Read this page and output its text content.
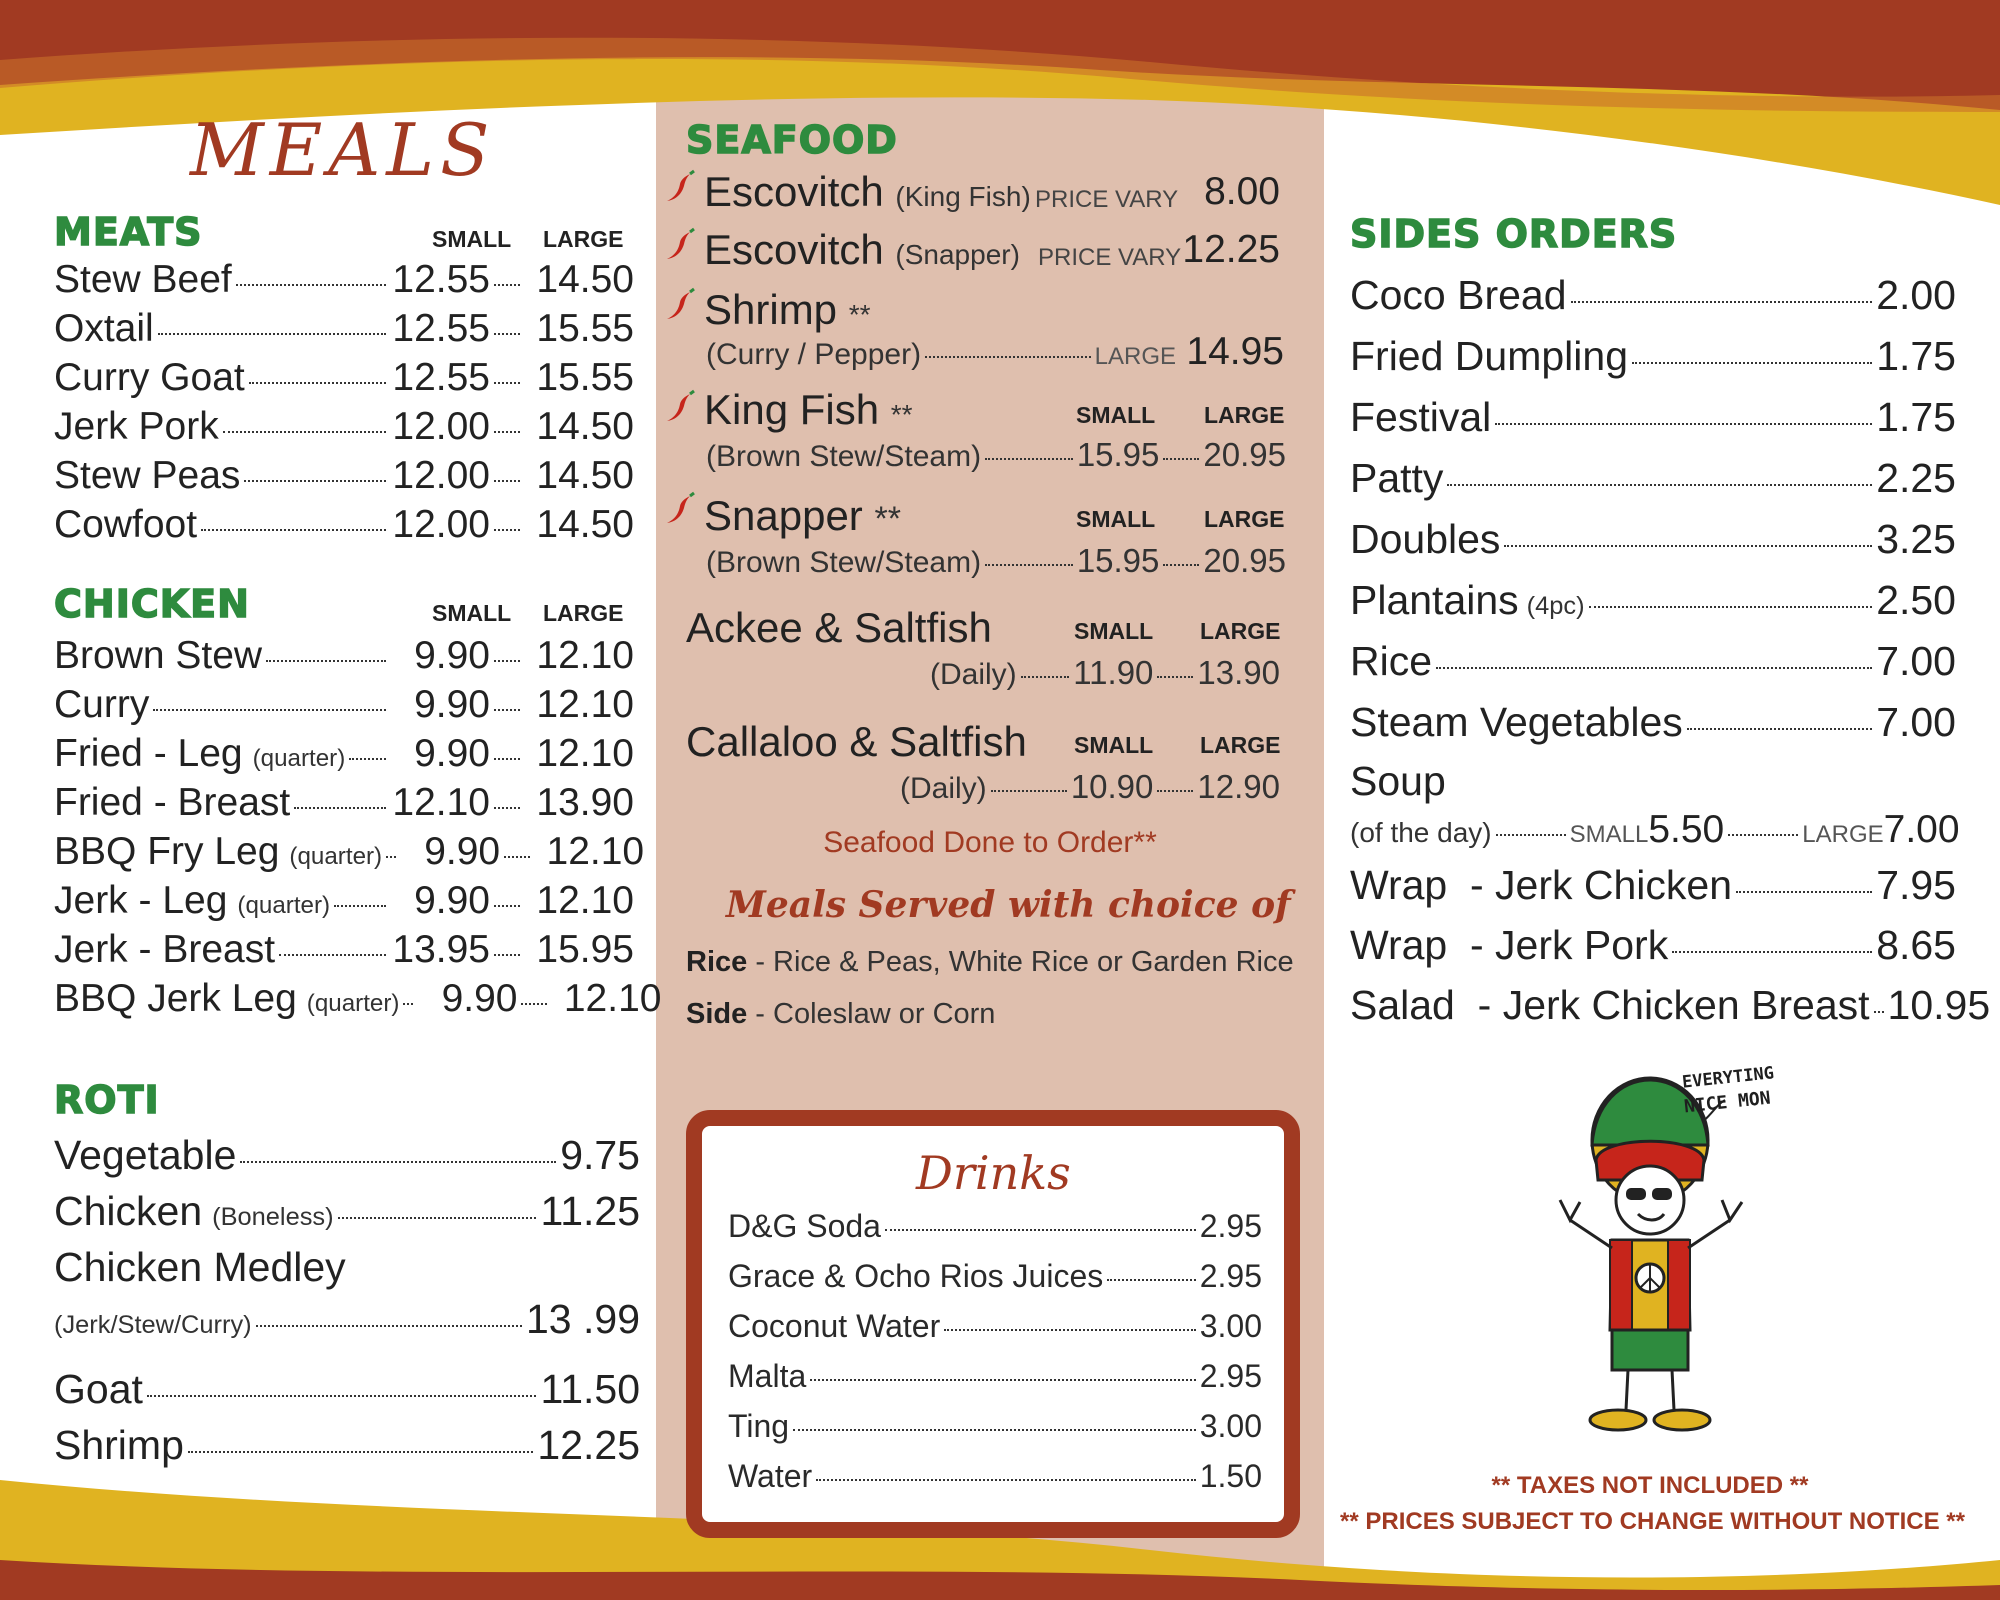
MEALS
MEATS	SMALL LARGE
Stew Beef	12.55	14.50
Oxtail	12.55	15.55
Curry Goat	12.55	15.55
Jerk Pork	12.00	14.50
Stew Peas	12.00	14.50
Cowfoot	12.00	14.50
CHICKEN	SMALL LARGE
Brown Stew	9.90	12.10
Curry	9.90	12.10
Fried - Leg (quarter)	9.90	12.10
Fried - Breast	12.10	13.90
BBQ Fry Leg (quarter)	9.90	12.10
Jerk - Leg (quarter)	9.90	12.10
Jerk - Breast	13.95	15.95
BBQ Jerk Leg (quarter)	9.90	12.10
ROTI
Vegetable	9.75
Chicken (Boneless)	11.25
Chicken Medley
(Jerk/Stew/Curry)	13 .99
Goat	11.50
Shrimp	12.25
SEAFOOD
Escovitch (King Fish) PRICE VARY 8.00
Escovitch (Snapper) PRICE VARY 12.25
Shrimp **
(Curry / Pepper)	LARGE 14.95
King Fish **	SMALL LARGE
(Brown Stew/Steam)	15.95 20.95
Snapper **	SMALL LARGE
(Brown Stew/Steam)	15.95 20.95
Ackee & Saltfish	SMALL LARGE
(Daily) 11.90 13.90
Callaloo & Saltfish SMALL LARGE
(Daily)	10.90 12.90
Seafood Done to Order**
Meals Served with choice of
Rice - Rice & Peas, White Rice or Garden Rice
Side - Coleslaw or Corn
Drinks
D&G Soda	2.95
Grace & Ocho Rios Juices	2.95
Coconut Water	3.00
Malta	2.95
Ting	3.00
Water	1.50
SIDES ORDERS
Coco Bread	2.00
Fried Dumpling	1.75
Festival	1.75
Patty	2.25
Doubles	3.25
Plantains (4pc)	2.50
Rice	7.00
Steam Vegetables	7.00
Soup
(of the day)	SMALL 5.50	LARGE 7.00
Wrap  - Jerk Chicken	7.95
Wrap  - Jerk Pork	8.65
Salad  - Jerk Chicken Breast 10.95
EVERYTING
NICE MON
** TAXES NOT INCLUDED **
** PRICES SUBJECT TO CHANGE WITHOUT NOTICE **
